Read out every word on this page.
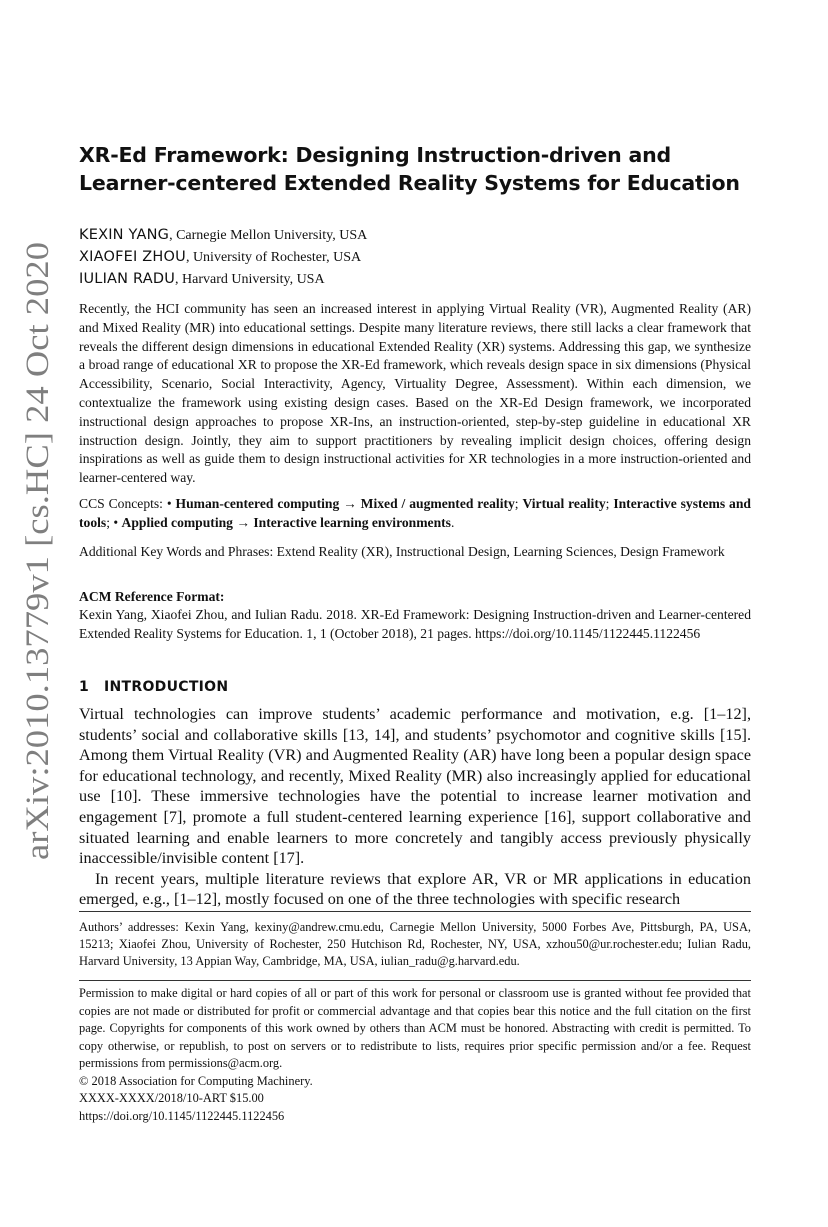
arXiv:2010.13779v1 [cs.HC] 24 Oct 2020
XR-Ed Framework: Designing Instruction-driven and Learner-centered Extended Reality Systems for Education
KEXIN YANG, Carnegie Mellon University, USA
XIAOFEI ZHOU, University of Rochester, USA
IULIAN RADU, Harvard University, USA

Recently, the HCI community has seen an increased interest in applying Virtual Reality (VR), Augmented Reality (AR) and Mixed Reality (MR) into educational settings. Despite many literature reviews, there still lacks a clear framework that reveals the different design dimensions in educational Extended Reality (XR) systems. Addressing this gap, we synthesize a broad range of educational XR to propose the XR-Ed framework, which reveals design space in six dimensions (Physical Accessibility, Scenario, Social Interactivity, Agency, Virtuality Degree, Assessment). Within each dimension, we contextualize the framework using existing design cases. Based on the XR-Ed Design framework, we incorporated instructional design approaches to propose XR-Ins, an instruction-oriented, step-by-step guideline in educational XR instruction design. Jointly, they aim to support practitioners by revealing implicit design choices, offering design inspirations as well as guide them to design instructional activities for XR technologies in a more instruction-oriented and learner-centered way.

CCS Concepts: • Human-centered computing → Mixed / augmented reality; Virtual reality; Interactive systems and tools; • Applied computing → Interactive learning environments.

Additional Key Words and Phrases: Extend Reality (XR), Instructional Design, Learning Sciences, Design Framework

ACM Reference Format:

Kexin Yang, Xiaofei Zhou, and Iulian Radu. 2018. XR-Ed Framework: Designing Instruction-driven and Learner-centered Extended Reality Systems for Education. 1, 1 (October 2018), 21 pages. https://doi.org/10.1145/1122445.1122456

1 INTRODUCTION

Virtual technologies can improve students’ academic performance and motivation, e.g. [1–12], students’ social and collaborative skills [13, 14], and students’ psychomotor and cognitive skills [15]. Among them Virtual Reality (VR) and Augmented Reality (AR) have long been a popular design space for educational technology, and recently, Mixed Reality (MR) also increasingly applied for educational use [10]. These immersive technologies have the potential to increase learner motivation and engagement [7], promote a full student-centered learning experience [16], support collaborative and situated learning and enable learners to more concretely and tangibly access previously physically inaccessible/invisible content [17].

In recent years, multiple literature reviews that explore AR, VR or MR applications in education emerged, e.g., [1–12], mostly focused on one of the three technologies with specific research

Authors’ addresses: Kexin Yang, kexiny@andrew.cmu.edu, Carnegie Mellon University, 5000 Forbes Ave, Pittsburgh, PA, USA, 15213; Xiaofei Zhou, University of Rochester, 250 Hutchison Rd, Rochester, NY, USA, xzhou50@ur.rochester.edu; Iulian Radu, Harvard University, 13 Appian Way, Cambridge, MA, USA, iulian_radu@g.harvard.edu.

Permission to make digital or hard copies of all or part of this work for personal or classroom use is granted without fee provided that copies are not made or distributed for profit or commercial advantage and that copies bear this notice and the full citation on the first page. Copyrights for components of this work owned by others than ACM must be honored. Abstracting with credit is permitted. To copy otherwise, or republish, to post on servers or to redistribute to lists, requires prior specific permission and/or a fee. Request permissions from permissions@acm.org.

© 2018 Association for Computing Machinery.
XXXX-XXXX/2018/10-ART $15.00
https://doi.org/10.1145/1122445.1122456
